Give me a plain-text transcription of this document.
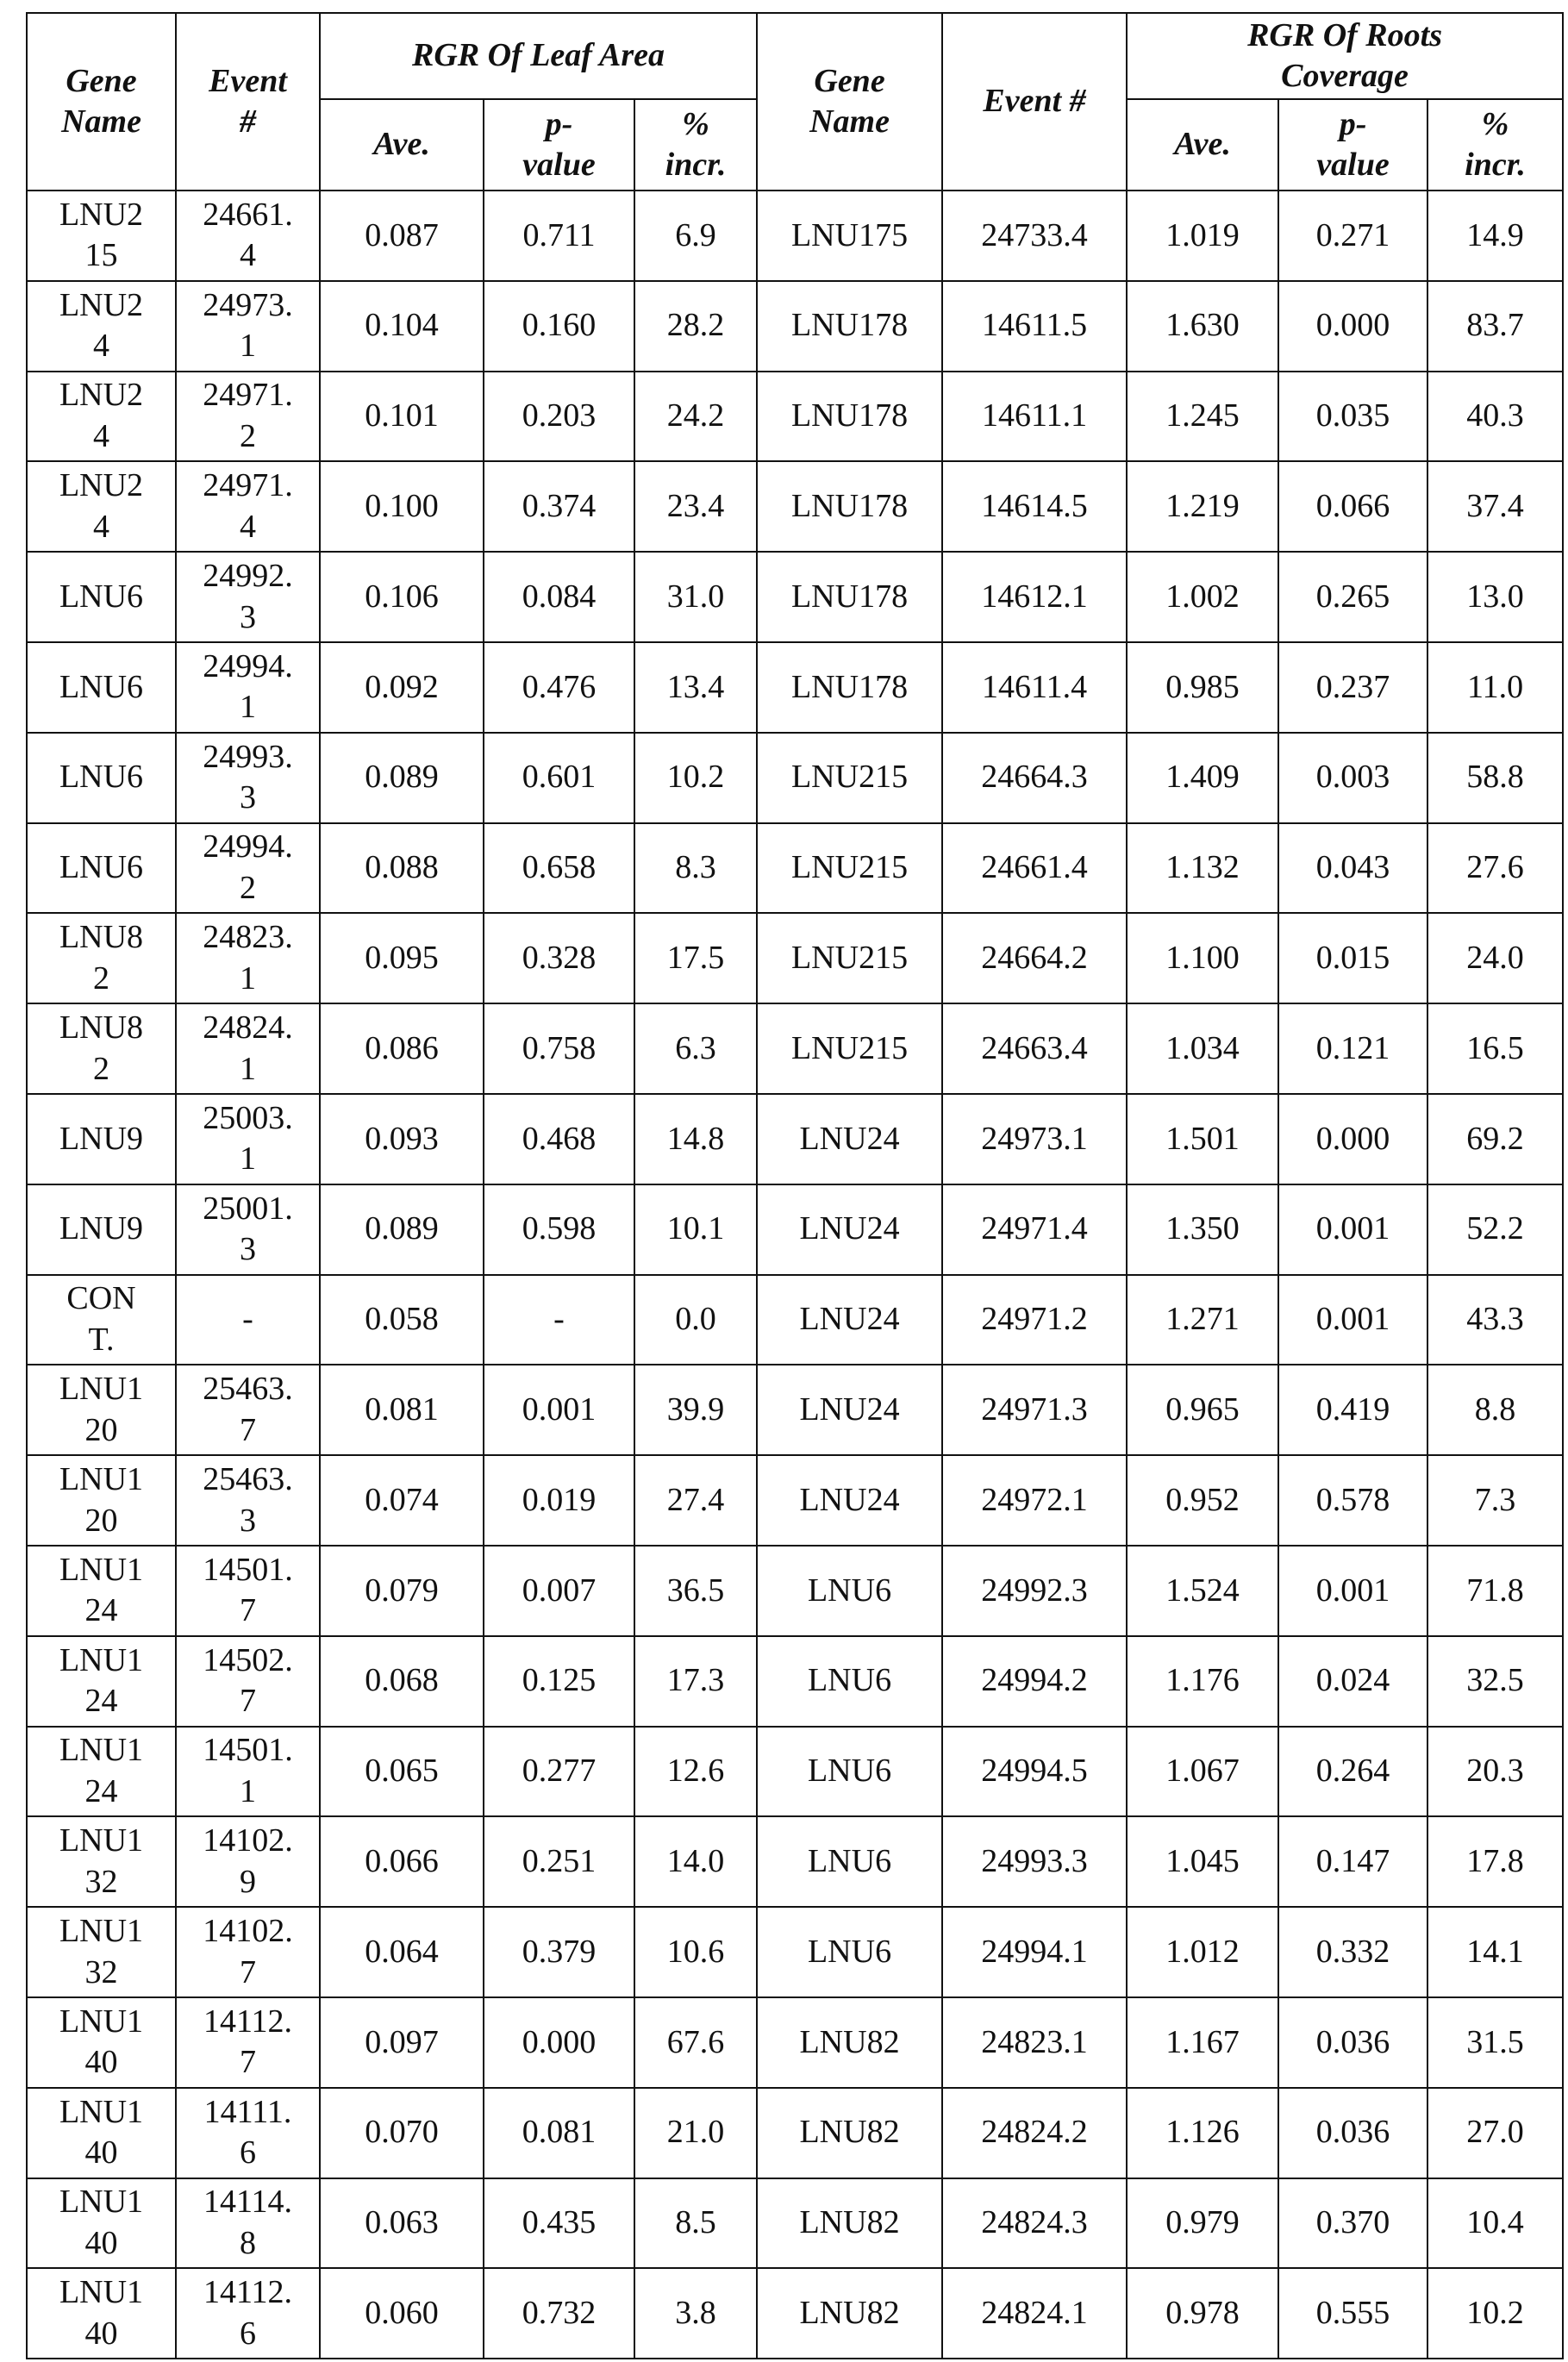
Gene Name	Event #	RGR Of Leaf Area	Gene Name	Event #	RGR Of Roots Coverage
Ave.	p-value	% incr.	Ave.	p-value	% incr.
LNU215	24661.4	0.087	0.711	6.9	LNU175	24733.4	1.019	0.271	14.9
LNU24	24973.1	0.104	0.160	28.2	LNU178	14611.5	1.630	0.000	83.7
LNU24	24971.2	0.101	0.203	24.2	LNU178	14611.1	1.245	0.035	40.3
LNU24	24971.4	0.100	0.374	23.4	LNU178	14614.5	1.219	0.066	37.4
LNU6	24992.3	0.106	0.084	31.0	LNU178	14612.1	1.002	0.265	13.0
LNU6	24994.1	0.092	0.476	13.4	LNU178	14611.4	0.985	0.237	11.0
LNU6	24993.3	0.089	0.601	10.2	LNU215	24664.3	1.409	0.003	58.8
LNU6	24994.2	0.088	0.658	8.3	LNU215	24661.4	1.132	0.043	27.6
LNU82	24823.1	0.095	0.328	17.5	LNU215	24664.2	1.100	0.015	24.0
LNU82	24824.1	0.086	0.758	6.3	LNU215	24663.4	1.034	0.121	16.5
LNU9	25003.1	0.093	0.468	14.8	LNU24	24973.1	1.501	0.000	69.2
LNU9	25001.3	0.089	0.598	10.1	LNU24	24971.4	1.350	0.001	52.2
CONT.	-	0.058	-	0.0	LNU24	24971.2	1.271	0.001	43.3
LNU120	25463.7	0.081	0.001	39.9	LNU24	24971.3	0.965	0.419	8.8
LNU120	25463.3	0.074	0.019	27.4	LNU24	24972.1	0.952	0.578	7.3
LNU124	14501.7	0.079	0.007	36.5	LNU6	24992.3	1.524	0.001	71.8
LNU124	14502.7	0.068	0.125	17.3	LNU6	24994.2	1.176	0.024	32.5
LNU124	14501.1	0.065	0.277	12.6	LNU6	24994.5	1.067	0.264	20.3
LNU132	14102.9	0.066	0.251	14.0	LNU6	24993.3	1.045	0.147	17.8
LNU132	14102.7	0.064	0.379	10.6	LNU6	24994.1	1.012	0.332	14.1
LNU140	14112.7	0.097	0.000	67.6	LNU82	24823.1	1.167	0.036	31.5
LNU140	14111.6	0.070	0.081	21.0	LNU82	24824.2	1.126	0.036	27.0
LNU140	14114.8	0.063	0.435	8.5	LNU82	24824.3	0.979	0.370	10.4
LNU140	14112.6	0.060	0.732	3.8	LNU82	24824.1	0.978	0.555	10.2
